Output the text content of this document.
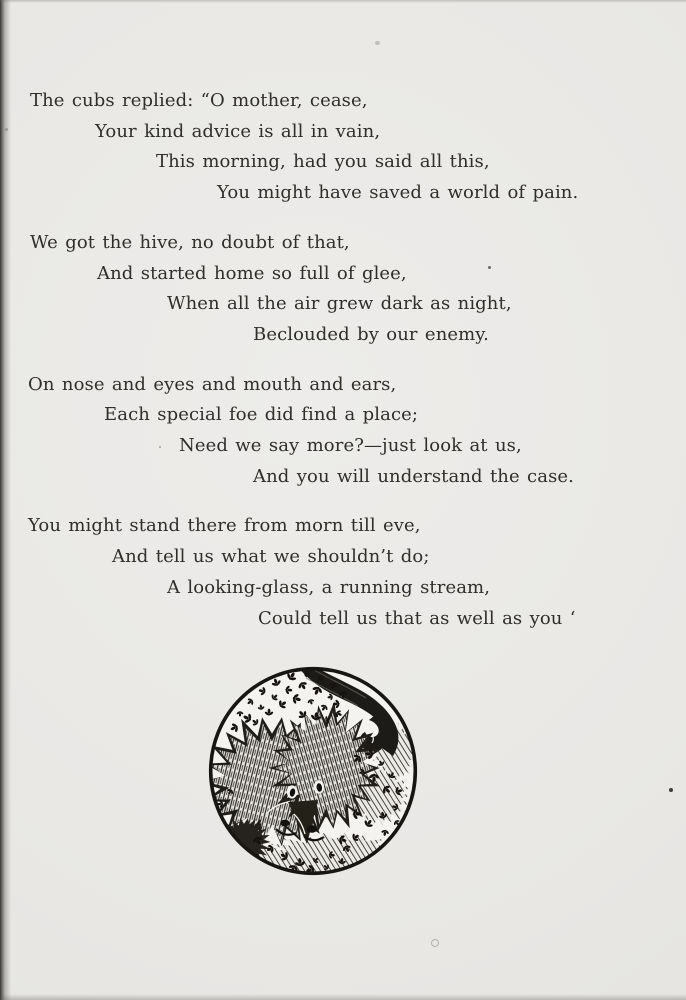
The cubs replied: “O mother, cease,
Your kind advice is all in vain,
This morning, had you said all this,
You might have saved a world of pain.
We got the hive, no doubt of that,
And started home so full of glee,
When all the air grew dark as night,
Beclouded by our enemy.
On nose and eyes and mouth and ears,
Each special foe did find a place;
Need we say more?—just look at us,
And you will understand the case.
You might stand there from morn till eve,
And tell us what we shouldn’t do;
A looking-glass, a running stream,
Could tell us that as well as you ‘
